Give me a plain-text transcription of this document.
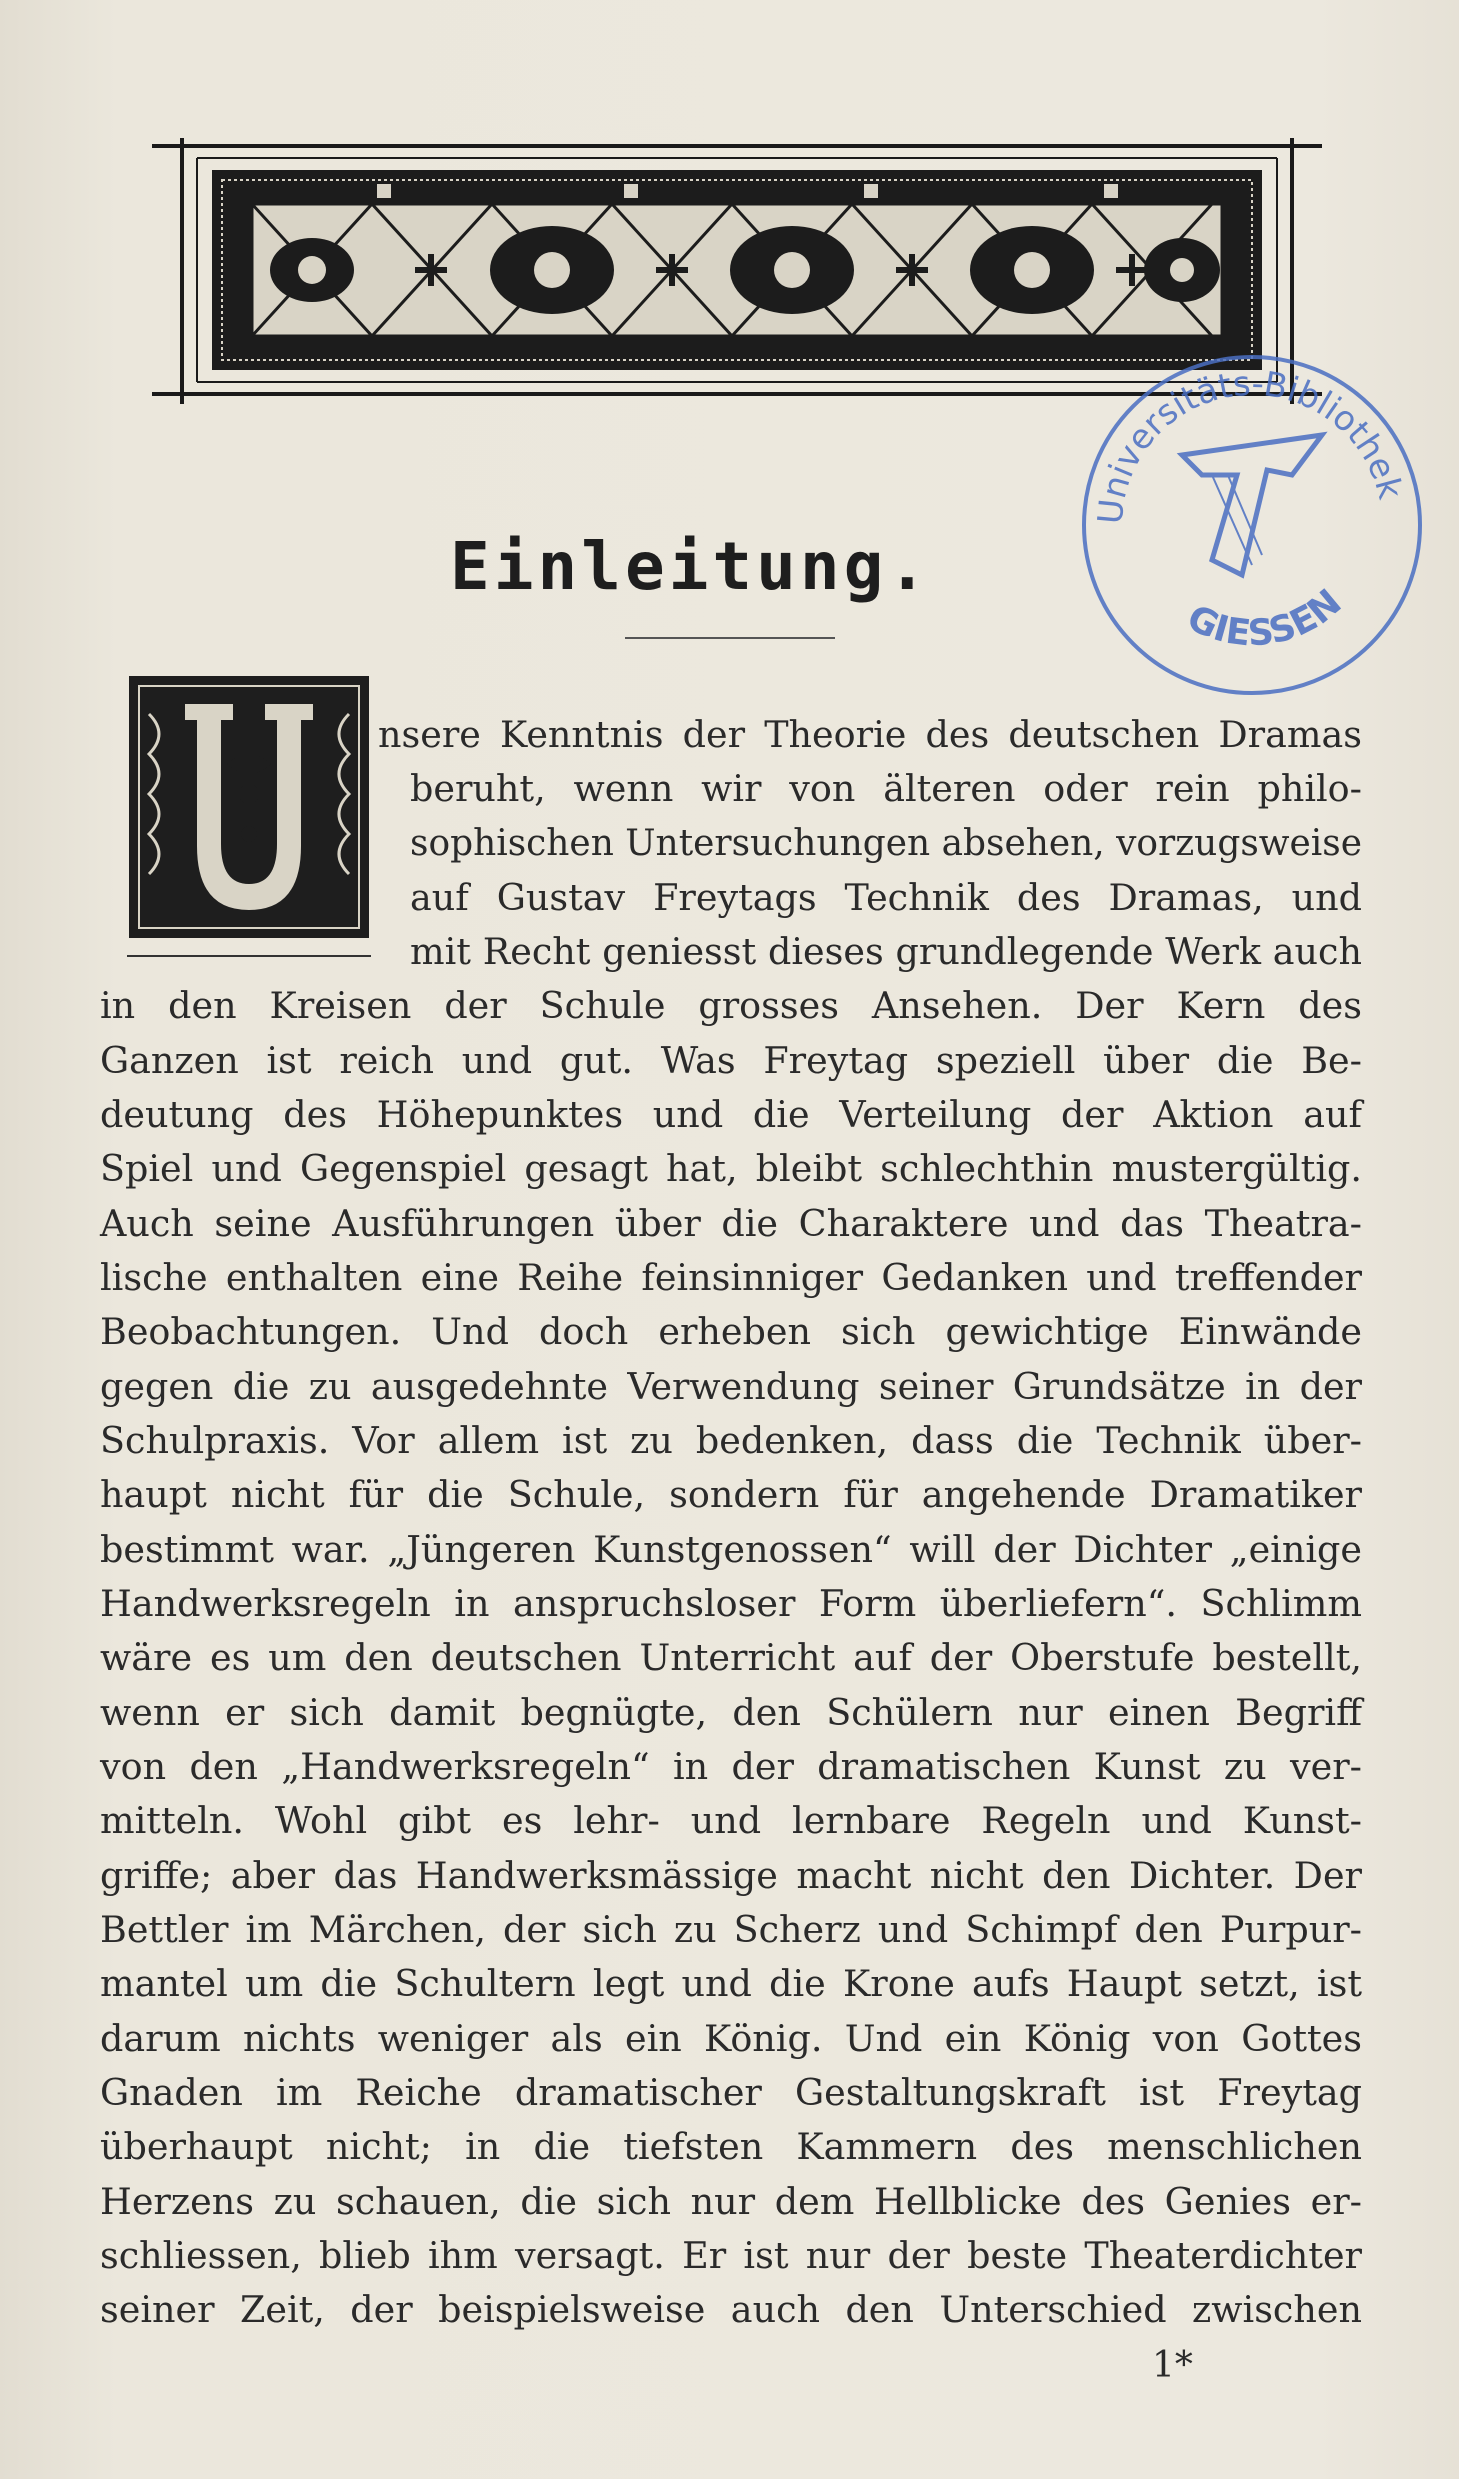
Universitäts-Bibliothek
GIESSEN
Einleitung.
nsere Kenntnis der Theorie des deutschen Dramas
beruht, wenn wir von älteren oder rein philo-
sophischen Untersuchungen absehen, vorzugsweise
auf Gustav Freytags Technik des Dramas, und
mit Recht geniesst dieses grundlegende Werk auch
in den Kreisen der Schule grosses Ansehen. Der Kern des
Ganzen ist reich und gut. Was Freytag speziell über die Be-
deutung des Höhepunktes und die Verteilung der Aktion auf
Spiel und Gegenspiel gesagt hat, bleibt schlechthin mustergültig.
Auch seine Ausführungen über die Charaktere und das Theatra-
lische enthalten eine Reihe feinsinniger Gedanken und treffender
Beobachtungen. Und doch erheben sich gewichtige Einwände
gegen die zu ausgedehnte Verwendung seiner Grundsätze in der
Schulpraxis. Vor allem ist zu bedenken, dass die Technik über-
haupt nicht für die Schule, sondern für angehende Dramatiker
bestimmt war. „Jüngeren Kunstgenossen“ will der Dichter „einige
Handwerksregeln in anspruchsloser Form überliefern“. Schlimm
wäre es um den deutschen Unterricht auf der Oberstufe bestellt,
wenn er sich damit begnügte, den Schülern nur einen Begriff
von den „Handwerksregeln“ in der dramatischen Kunst zu ver-
mitteln. Wohl gibt es lehr- und lernbare Regeln und Kunst-
griffe; aber das Handwerksmässige macht nicht den Dichter. Der
Bettler im Märchen, der sich zu Scherz und Schimpf den Purpur-
mantel um die Schultern legt und die Krone aufs Haupt setzt, ist
darum nichts weniger als ein König. Und ein König von Gottes
Gnaden im Reiche dramatischer Gestaltungskraft ist Freytag
überhaupt nicht; in die tiefsten Kammern des menschlichen
Herzens zu schauen, die sich nur dem Hellblicke des Genies er-
schliessen, blieb ihm versagt. Er ist nur der beste Theaterdichter
seiner Zeit, der beispielsweise auch den Unterschied zwischen
1*
